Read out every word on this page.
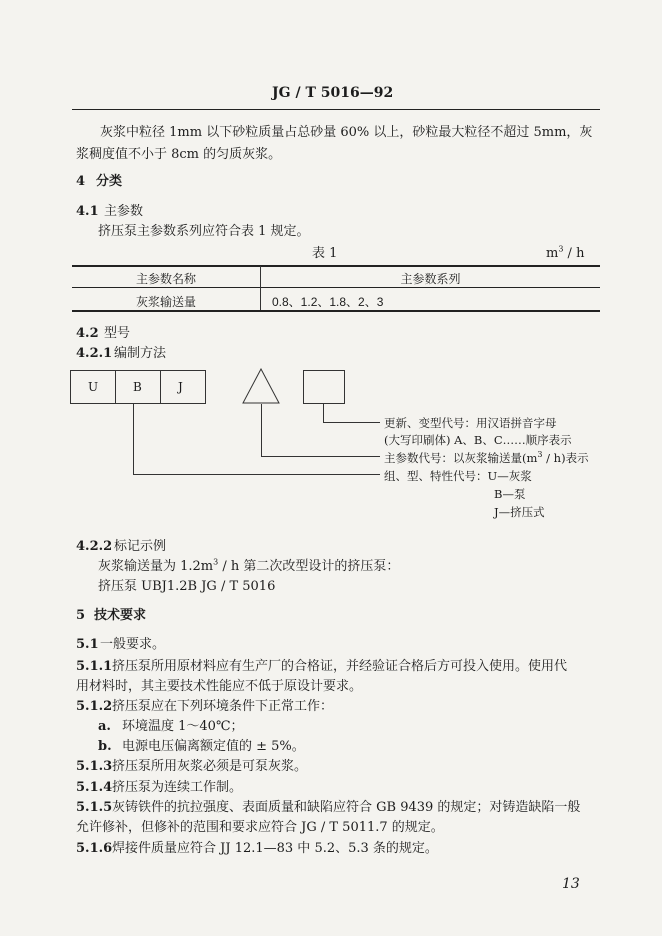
JG / T 5016—92
灰浆中粒径 1mm 以下砂粒质量占总砂量 60% 以上，砂粒最大粒径不超过 5mm，灰
浆稠度值不小于 8cm 的匀质灰浆。
4 分类
4.1 主参数
挤压泵主参数系列应符合表 1 规定。
表 1	$m^3$ / h
主参数名称	主参数系列
灰浆输送量	0.8、1.2、1.8、2、3
4.2 型号
4.2.1 编制方法
U	B	J
更新、变型代号：用汉语拼音字母
(大写印刷体) A、B、C……顺序表示
主参数代号：以灰浆输送量$(m^3 / h)$表示
组、型、特性代号：U—灰浆
B—泵
J—挤压式
4.2.2 标记示例
灰浆输送量为 $1.2m^3$ / h 第二次改型设计的挤压泵：
挤压泵 UBJ1.2B JG / T 5016
5 技术要求
5.1 一般要求。
5.1.1 挤压泵所用原材料应有生产厂的合格证，并经验证合格后方可投入使用。使用代
用材料时，其主要技术性能应不低于原设计要求。
5.1.2 挤压泵应在下列环境条件下正常工作：
a. 环境温度 1～40℃；
b. 电源电压偏离额定值的 ± 5%。
5.1.3 挤压泵所用灰浆必须是可泵灰浆。
5.1.4 挤压泵为连续工作制。
5.1.5 灰铸铁件的抗拉强度、表面质量和缺陷应符合 GB 9439 的规定；对铸造缺陷一般
允许修补，但修补的范围和要求应符合 JG / T 5011.7 的规定。
5.1.6 焊接件质量应符合 JJ 12.1—83 中 5.2、5.3 条的规定。
13
